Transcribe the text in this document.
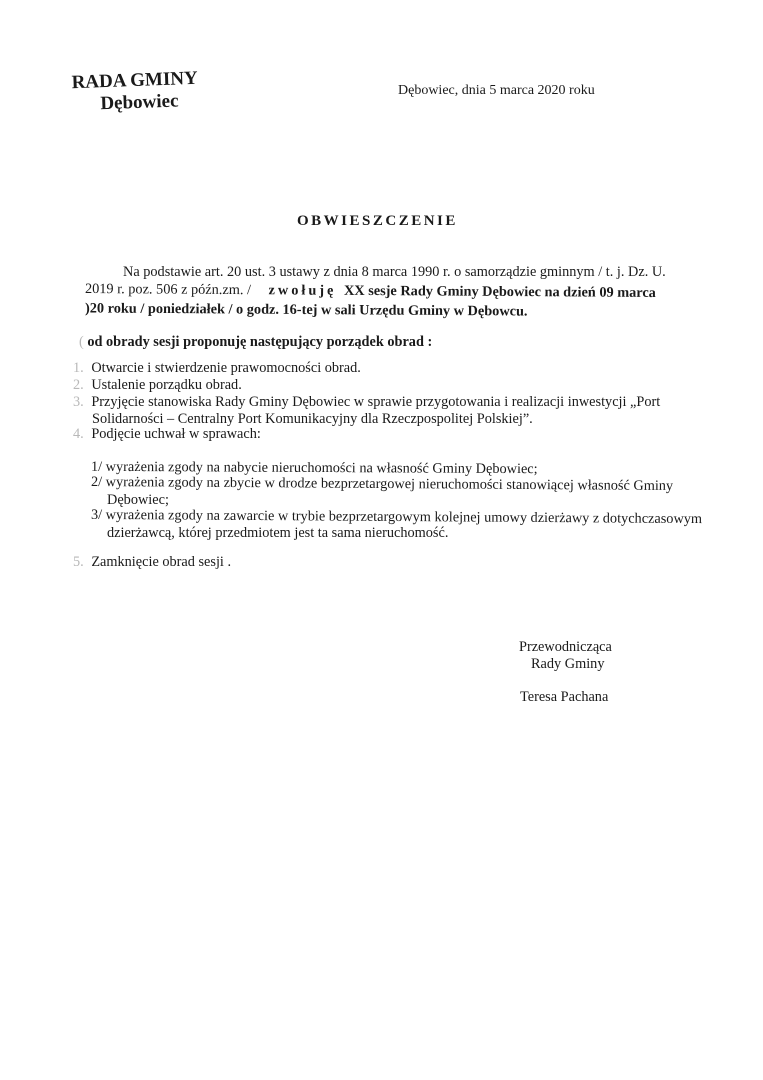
RADA GMINY
Dębowiec	Dębowiec, dnia 5 marca 2020 roku
OBWIESZCZENIE
Na podstawie art. 20 ust. 3 ustawy z dnia 8 marca 1990 r. o samorządzie gminnym / t. j. Dz. U.
2019 r. poz. 506 z późn.zm. / zwołuję XX sesje Rady Gminy Dębowiec na dzień 09 marca
)20 roku / poniedziałek / o godz. 16-tej w sali Urzędu Gminy w Dębowcu.
( od obrady sesji proponuję następujący porządek obrad :
1. Otwarcie i stwierdzenie prawomocności obrad.
2. Ustalenie porządku obrad.
3. Przyjęcie stanowiska Rady Gminy Dębowiec w sprawie przygotowania i realizacji inwestycji „Port
Solidarności – Centralny Port Komunikacyjny dla Rzeczpospolitej Polskiej”.
4. Podjęcie uchwał w sprawach:
1/ wyrażenia zgody na nabycie nieruchomości na własność Gminy Dębowiec;
2/ wyrażenia zgody na zbycie w drodze bezprzetargowej nieruchomości stanowiącej własność Gminy
Dębowiec;
3/ wyrażenia zgody na zawarcie w trybie bezprzetargowym kolejnej umowy dzierżawy z dotychczasowym
dzierżawcą, której przedmiotem jest ta sama nieruchomość.
5. Zamknięcie obrad sesji .
Przewodnicząca
Rady Gminy
Teresa Pachana
